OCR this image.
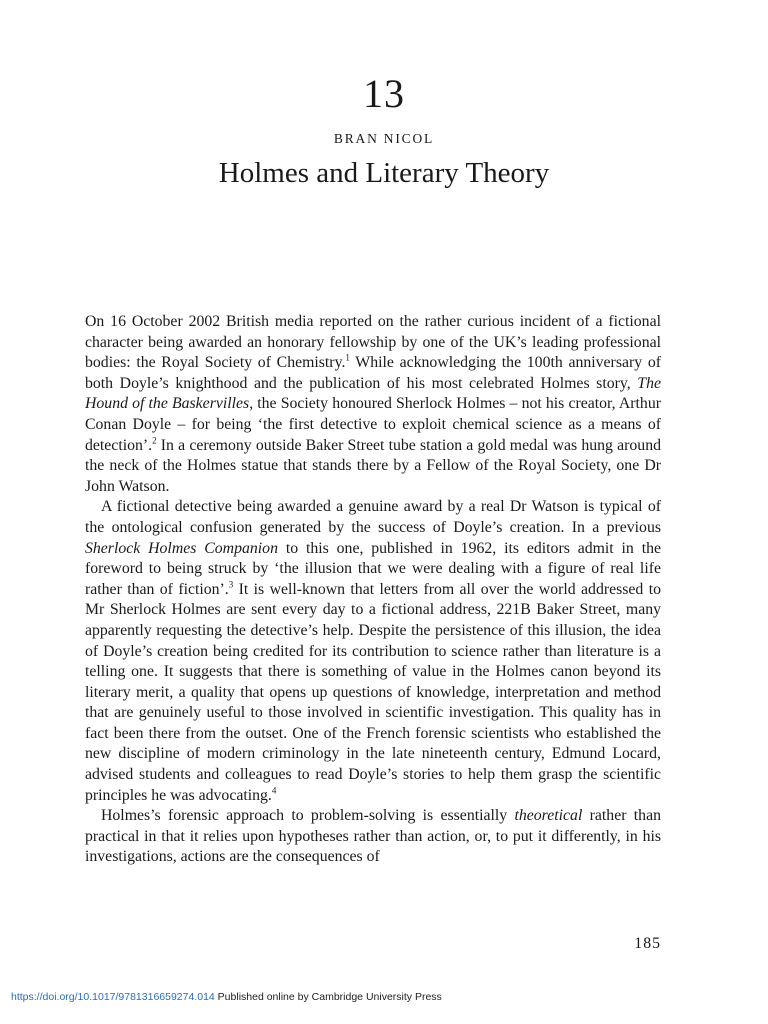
13
BRAN NICOL
Holmes and Literary Theory

On 16 October 2002 British media reported on the rather curious incident of a fictional character being awarded an honorary fellowship by one of the UK’s leading professional bodies: the Royal Society of Chemistry.$^1$ While acknowledging the 100th anniversary of both Doyle’s knighthood and the publication of his most celebrated Holmes story, The Hound of the Baskervilles, the Society honoured Sherlock Holmes – not his creator, Arthur Conan Doyle – for being ‘the first detective to exploit chemical science as a means of detection’.$^2$ In a ceremony outside Baker Street tube station a gold medal was hung around the neck of the Holmes statue that stands there by a Fellow of the Royal Society, one Dr John Watson.

A fictional detective being awarded a genuine award by a real Dr Watson is typical of the ontological confusion generated by the success of Doyle’s creation. In a previous Sherlock Holmes Companion to this one, published in 1962, its editors admit in the foreword to being struck by ‘the illusion that we were dealing with a figure of real life rather than of fiction’.$^3$ It is well-known that letters from all over the world addressed to Mr Sherlock Holmes are sent every day to a fictional address, 221B Baker Street, many apparently requesting the detective’s help. Despite the persistence of this illusion, the idea of Doyle’s creation being credited for its contribution to science rather than literature is a telling one. It suggests that there is something of value in the Holmes canon beyond its literary merit, a quality that opens up questions of knowledge, interpretation and method that are genuinely useful to those involved in scientific investigation. This quality has in fact been there from the outset. One of the French forensic scientists who established the new discipline of modern criminology in the late nineteenth century, Edmund Locard, advised students and colleagues to read Doyle’s stories to help them grasp the scientific principles he was advocating.$^4$

Holmes’s forensic approach to problem-solving is essentially theoretical rather than practical in that it relies upon hypotheses rather than action, or, to put it differently, in his investigations, actions are the consequences of

185
https://doi.org/10.1017/9781316659274.014 Published online by Cambridge University Press
